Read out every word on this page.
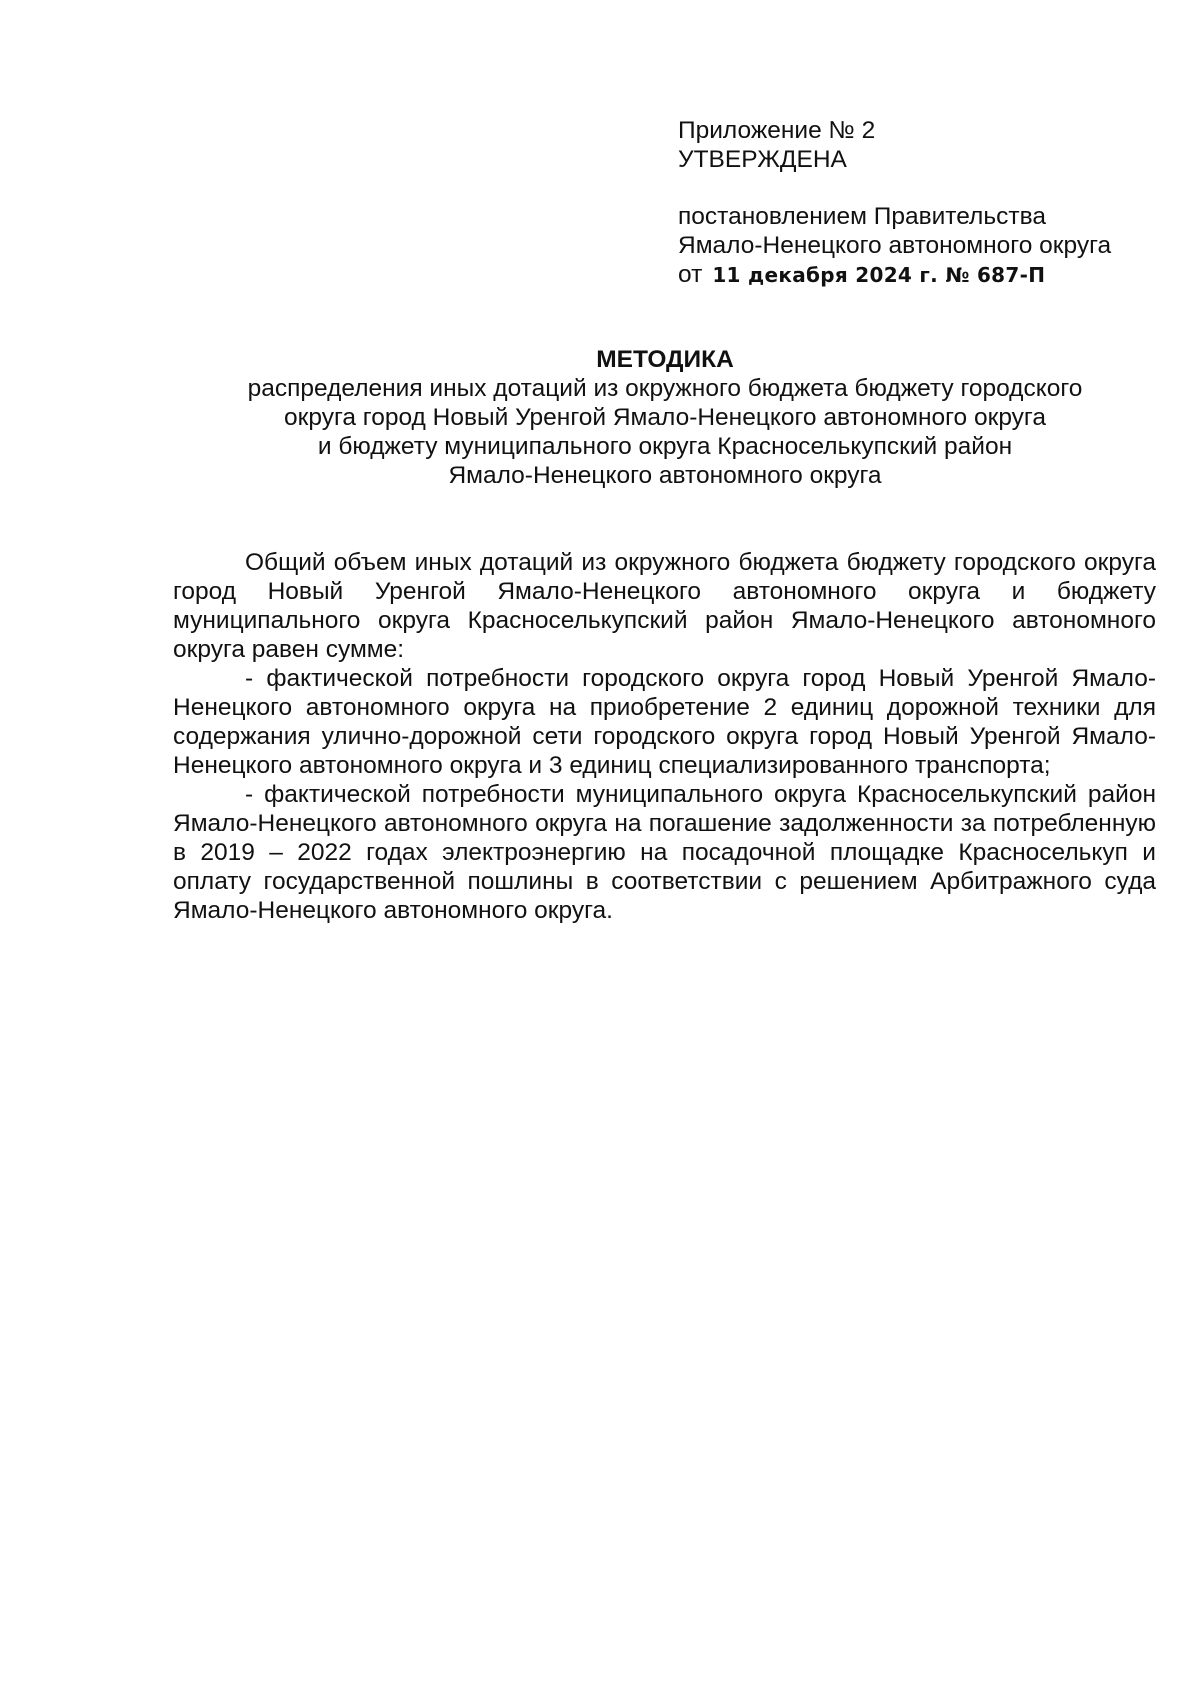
Приложение № 2
УТВЕРЖДЕНА
постановлением Правительства
Ямало-Ненецкого автономного округа
от 11 декабря 2024 г. № 687-П
МЕТОДИКА
распределения иных дотаций из окружного бюджета бюджету городского
округа город Новый Уренгой Ямало-Ненецкого автономного округа
и бюджету муниципального округа Красноселькупский район
Ямало-Ненецкого автономного округа

Общий объем иных дотаций из окружного бюджета бюджету городского округа город Новый Уренгой Ямало-Ненецкого автономного округа и бюджету муниципального округа Красноселькупский район Ямало-Ненецкого автономного округа равен сумме:

- фактической потребности городского округа город Новый Уренгой Ямало-Ненецкого автономного округа на приобретение 2 единиц дорожной техники для содержания улично-дорожной сети городского округа город Новый Уренгой Ямало-Ненецкого автономного округа и 3 единиц специализированного транспорта;

- фактической потребности муниципального округа Красноселькупский район Ямало-Ненецкого автономного округа на погашение задолженности за потребленную в 2019 – 2022 годах электроэнергию на посадочной площадке Красноселькуп и оплату государственной пошлины в соответствии с решением Арбитражного суда Ямало-Ненецкого автономного округа.
